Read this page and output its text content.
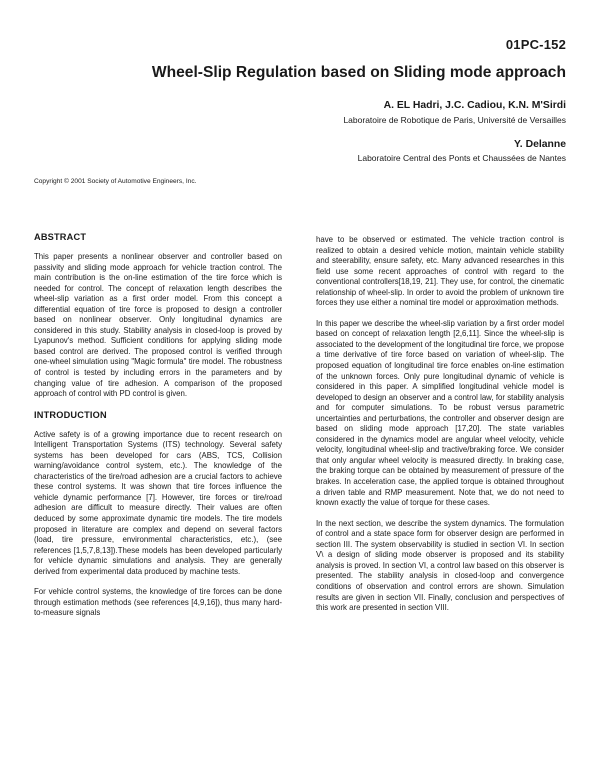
01PC-152
Wheel-Slip Regulation based on Sliding mode approach
A. EL Hadri, J.C. Cadiou, K.N. M'Sirdi
Laboratoire de Robotique de Paris, Université de Versailles
Y. Delanne
Laboratoire Central des Ponts et Chaussées de Nantes
Copyright © 2001 Society of Automotive Engineers, Inc.
ABSTRACT

This paper presents a nonlinear observer and controller based on passivity and sliding mode approach for vehicle traction control. The main contribution is the on-line estimation of the tire force which is needed for control. The concept of relaxation length describes the wheel-slip variation as a first order model. From this concept a differential equation of tire force is proposed to design a controller based on nonlinear observer. Only longitudinal dynamics are considered in this study. Stability analysis in closed-loop is proved by Lyapunov's method. Sufficient conditions for applying sliding mode based control are derived. The proposed control is verified through one-wheel simulation using "Magic formula" tire model. The robustness of control is tested by including errors in the parameters and by changing value of tire adhesion. A comparison of the proposed approach of control with PD control is given.

INTRODUCTION

Active safety is of a growing importance due to recent research on Intelligent Transportation Systems (ITS) technology. Several safety systems has been developed for cars (ABS, TCS, Collision warning/avoidance control system, etc.). The knowledge of the characteristics of the tire/road adhesion are a crucial factors to achieve these control systems. It was shown that tire forces influence the vehicle dynamic performance [7]. However, tire forces or tire/road adhesion are difficult to measure directly. Their values are often deduced by some approximate dynamic tire models. The tire models proposed in literature are complex and depend on several factors (load, tire pressure, environmental characteristics, etc.), (see references [1,5,7,8,13]).These models has been developed particularly for vehicle dynamic simulations and analysis. They are generally derived from experimental data produced by machine tests.

For vehicle control systems, the knowledge of tire forces can be done through estimation methods (see references [4,9,16]), thus many hard-to-measure signals

have to be observed or estimated. The vehicle traction control is realized to obtain a desired vehicle motion, maintain vehicle stability and steerability, ensure safety, etc. Many advanced researches in this field use some recent approaches of control with regard to the conventional controllers[18,19, 21]. They use, for control, the cinematic relationship of wheel-slip. In order to avoid the problem of unknown tire forces they use either a nominal tire model or approximation methods.

In this paper we describe the wheel-slip variation by a first order model based on concept of relaxation length [2,6,11]. Since the wheel-slip is associated to the development of the longitudinal tire force, we propose a time derivative of tire force based on variation of wheel-slip. The proposed equation of longitudinal tire force enables on-line estimation of the unknown forces. Only pure longitudinal dynamic of vehicle is considered in this paper. A simplified longitudinal vehicle model is developed to design an observer and a control law, for stability analysis and for computer simulations. To be robust versus parametric uncertainties and perturbations, the controller and observer design are based on sliding mode approach [17,20]. The state variables considered in the dynamics model are angular wheel velocity, vehicle velocity, longitudinal wheel-slip and tractive/braking force. We consider that only angular wheel velocity is measured directly. In braking case, the braking torque can be obtained by measurement of pressure of the brakes. In acceleration case, the applied torque is obtained throughout a driven table and RMP measurement. Note that, we do not need to known exactly the value of torque for these cases.

In the next section, we describe the system dynamics. The formulation of control and a state space form for observer design are performed in section III. The system observability is studied in section VI. In section V\ a design of sliding mode observer is proposed and its stability analysis is proved. In section VI, a control law based on this observer is presented. The stability analysis in closed-loop and convergence conditions of observation and control errors are shown. Simulation results are given in section VII. Finally, conclusion and perspectives of this work are presented in section VIII.
